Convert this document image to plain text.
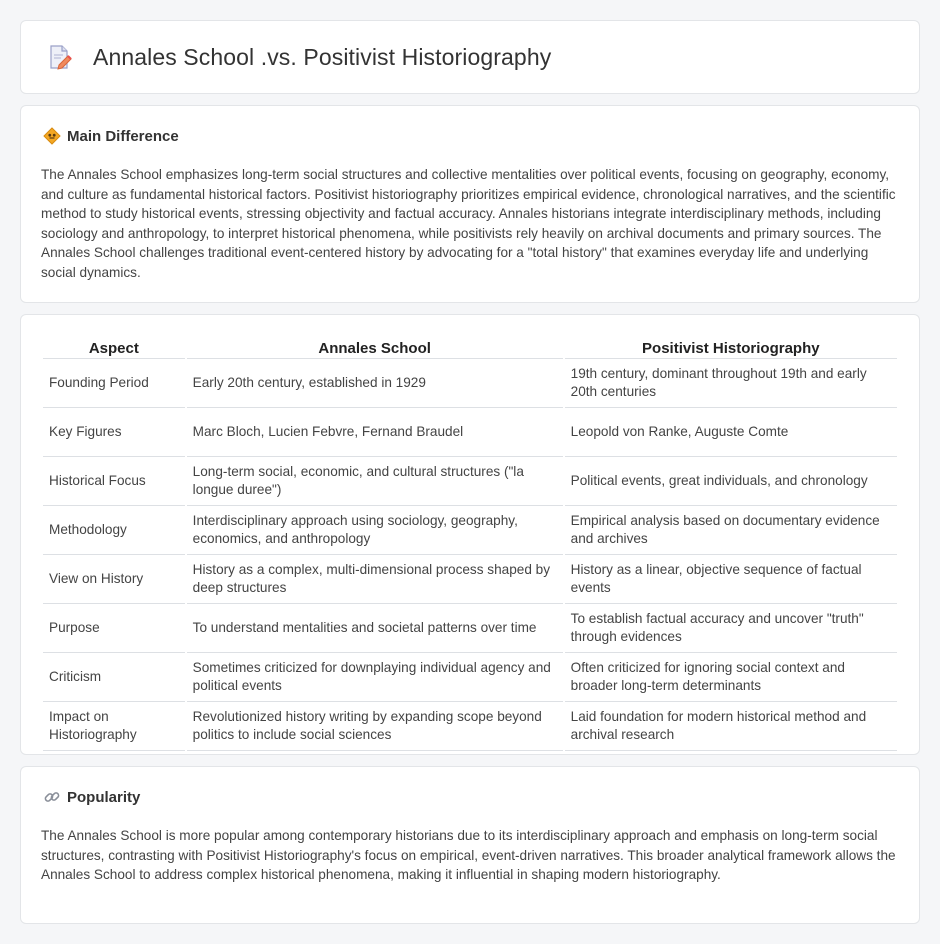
Annales School .vs. Positivist Historiography
Main Difference

The Annales School emphasizes long-term social structures and collective mentalities over political events, focusing on geography, economy, and culture as fundamental historical factors. Positivist historiography prioritizes empirical evidence, chronological narratives, and the scientific method to study historical events, stressing objectivity and factual accuracy. Annales historians integrate interdisciplinary methods, including sociology and anthropology, to interpret historical phenomena, while positivists rely heavily on archival documents and primary sources. The Annales School challenges traditional event-centered history by advocating for a "total history" that examines everyday life and underlying social dynamics.

Aspect	Annales School	Positivist Historiography
Founding Period	Early 20th century, established in 1929	19th century, dominant throughout 19th and early 20th centuries
Key Figures	Marc Bloch, Lucien Febvre, Fernand Braudel	Leopold von Ranke, Auguste Comte
Historical Focus	Long-term social, economic, and cultural structures ("la longue duree")	Political events, great individuals, and chronology
Methodology	Interdisciplinary approach using sociology, geography, economics, and anthropology	Empirical analysis based on documentary evidence and archives
View on History	History as a complex, multi-dimensional process shaped by deep structures	History as a linear, objective sequence of factual events
Purpose	To understand mentalities and societal patterns over time	To establish factual accuracy and uncover "truth" through evidences
Criticism	Sometimes criticized for downplaying individual agency and political events	Often criticized for ignoring social context and broader long-term determinants
Impact on Historiography	Revolutionized history writing by expanding scope beyond politics to include social sciences	Laid foundation for modern historical method and archival research
Popularity

The Annales School is more popular among contemporary historians due to its interdisciplinary approach and emphasis on long-term social structures, contrasting with Positivist Historiography's focus on empirical, event-driven narratives. This broader analytical framework allows the Annales School to address complex historical phenomena, making it influential in shaping modern historiography.
